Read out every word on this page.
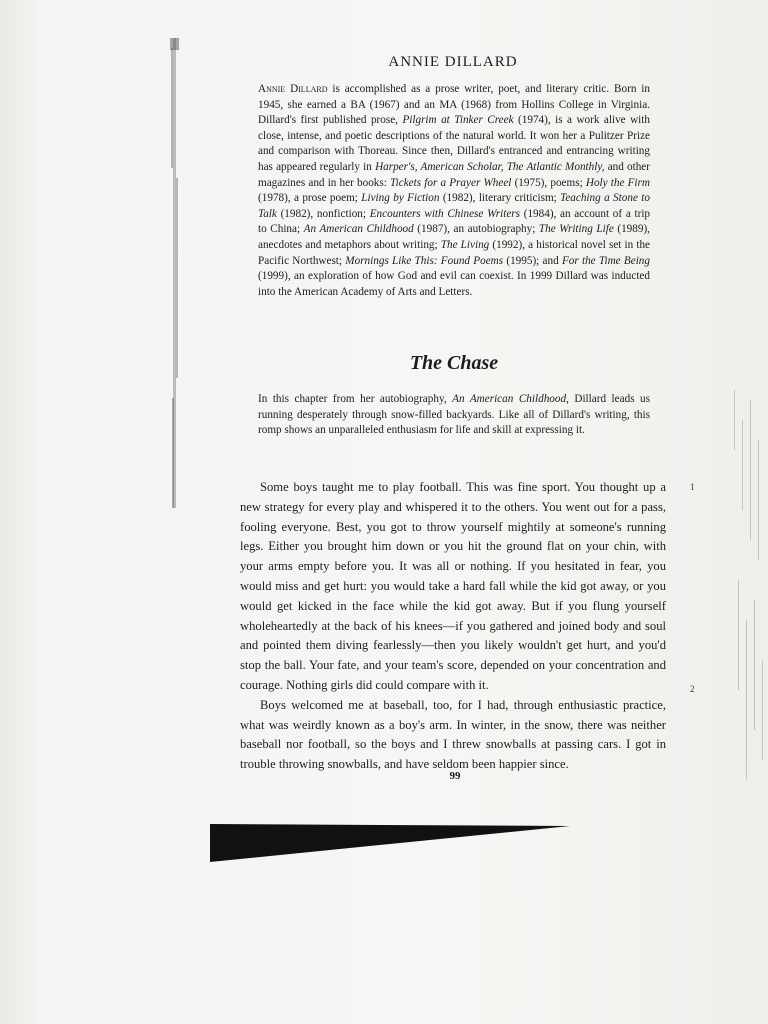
ANNIE DILLARD
Annie Dillard is accomplished as a prose writer, poet, and literary critic. Born in 1945, she earned a BA (1967) and an MA (1968) from Hollins College in Virginia. Dillard's first published prose, Pilgrim at Tinker Creek (1974), is a work alive with close, intense, and poetic descriptions of the natural world. It won her a Pulitzer Prize and comparison with Thoreau. Since then, Dillard's entranced and entrancing writing has appeared regularly in Harper's, American Scholar, The Atlantic Monthly, and other magazines and in her books: Tickets for a Prayer Wheel (1975), poems; Holy the Firm (1978), a prose poem; Living by Fiction (1982), literary criticism; Teaching a Stone to Talk (1982), nonfiction; Encounters with Chinese Writers (1984), an account of a trip to China; An American Childhood (1987), an autobiography; The Writing Life (1989), anecdotes and metaphors about writing; The Living (1992), a historical novel set in the Pacific Northwest; Mornings Like This: Found Poems (1995); and For the Time Being (1999), an exploration of how God and evil can coexist. In 1999 Dillard was inducted into the American Academy of Arts and Letters.
The Chase
In this chapter from her autobiography, An American Childhood, Dillard leads us running desperately through snow-filled backyards. Like all of Dillard's writing, this romp shows an unparalleled enthusiasm for life and skill at expressing it.

Some boys taught me to play football. This was fine sport. You thought up a new strategy for every play and whispered it to the others. You went out for a pass, fooling everyone. Best, you got to throw yourself mightily at someone's running legs. Either you brought him down or you hit the ground flat on your chin, with your arms empty before you. It was all or nothing. If you hesitated in fear, you would miss and get hurt: you would take a hard fall while the kid got away, or you would get kicked in the face while the kid got away. But if you flung yourself wholeheartedly at the back of his knees—if you gathered and joined body and soul and pointed them diving fearlessly—then you likely wouldn't get hurt, and you'd stop the ball. Your fate, and your team's score, depended on your concentration and courage. Nothing girls did could compare with it.

Boys welcomed me at baseball, too, for I had, through enthusiastic practice, what was weirdly known as a boy's arm. In winter, in the snow, there was neither baseball nor football, so the boys and I threw snowballs at passing cars. I got in trouble throwing snowballs, and have seldom been happier since.

1
2
99
